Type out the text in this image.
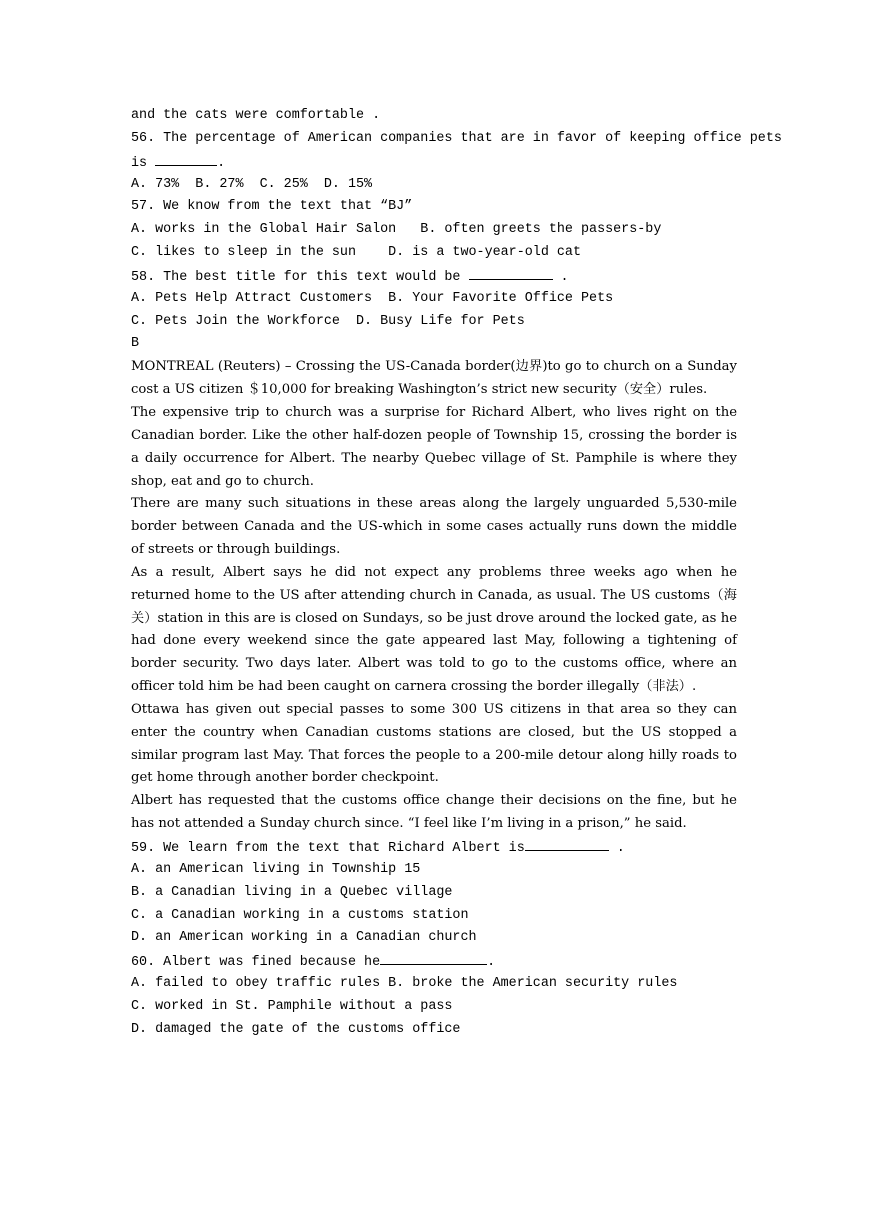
and the cats were comfortable .
56. The percentage of American companies that are in favor of keeping office pets
is	.
A. 73%  B. 27%  C. 25%  D. 15%
57. We know from the text that “BJ”
A. works in the Global Hair Salon   B. often greets the passers-by
C. likes to sleep in the sun    D. is a two-year-old cat
58. The best title for this text would be	.
A. Pets Help Attract Customers  B. Your Favorite Office Pets
C. Pets Join the Workforce  D. Busy Life for Pets
B
MONTREAL (Reuters) – Crossing the US-Canada border(边界)to go to church on a Sunday cost a US citizen ＄10,000 for breaking Washington’s strict new security（安全）rules.
The expensive trip to church was a surprise for Richard Albert, who lives right on the Canadian border. Like the other half-dozen people of Township 15, crossing the border is a daily occurrence for Albert. The nearby Quebec village of St. Pamphile is where they shop, eat and go to church.
There are many such situations in these areas along the largely unguarded 5,530-mile border between Canada and the US-which in some cases actually runs down the middle of streets or through buildings.
As a result, Albert says he did not expect any problems three weeks ago when he returned home to the US after attending church in Canada, as usual. The US customs（海关）station in this are is closed on Sundays, so be just drove around the locked gate, as he had done every weekend since the gate appeared last May, following a tightening of border security. Two days later. Albert was told to go to the customs office, where an officer told him be had been caught on carnera crossing the border illegally（非法）.
Ottawa has given out special passes to some 300 US citizens in that area so they can enter the country when Canadian customs stations are closed, but the US stopped a similar program last May. That forces the people to a 200-mile detour along hilly roads to get home through another border checkpoint.
Albert has requested that the customs office change their decisions on the fine, but he has not attended a Sunday church since. “I feel like I’m living in a prison,” he said.
59. We learn from the text that Richard Albert is	.
A. an American living in Township 15
B. a Canadian living in a Quebec village
C. a Canadian working in a customs station
D. an American working in a Canadian church
60. Albert was fined because he	.
A. failed to obey traffic rules B. broke the American security rules
C. worked in St. Pamphile without a pass
D. damaged the gate of the customs office
